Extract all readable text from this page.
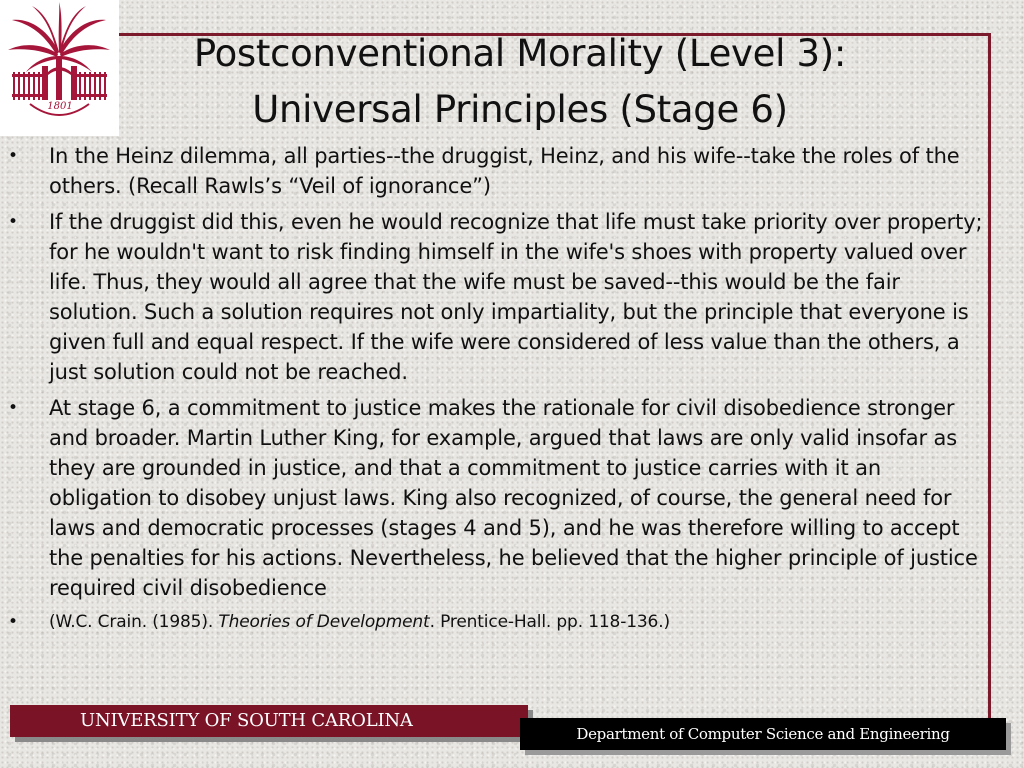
1801
Postconventional Morality (Level 3):
Universal Principles (Stage 6)
•	In the Heinz dilemma, all parties--the druggist, Heinz, and his wife--take the roles of the others. (Recall Rawls’s “Veil of ignorance”)
•	If the druggist did this, even he would recognize that life must take priority over property; for he wouldn't want to risk finding himself in the wife's shoes with property valued over life. Thus, they would all agree that the wife must be saved--this would be the fair solution. Such a solution requires not only impartiality, but the principle that everyone is given full and equal respect. If the wife were considered of less value than the others, a just solution could not be reached.
•	At stage 6, a commitment to justice makes the rationale for civil disobedience stronger and broader. Martin Luther King, for example, argued that laws are only valid insofar as they are grounded in justice, and that a commitment to justice carries with it an obligation to disobey unjust laws. King also recognized, of course, the general need for laws and democratic processes (stages 4 and 5), and he was therefore willing to accept the penalties for his actions. Nevertheless, he believed that the higher principle of justice required civil disobedience
•	(W.C. Crain. (1985). Theories of Development. Prentice-Hall. pp. 118-136.)
UNIVERSITY OF SOUTH CAROLINA
Department of Computer Science and Engineering
